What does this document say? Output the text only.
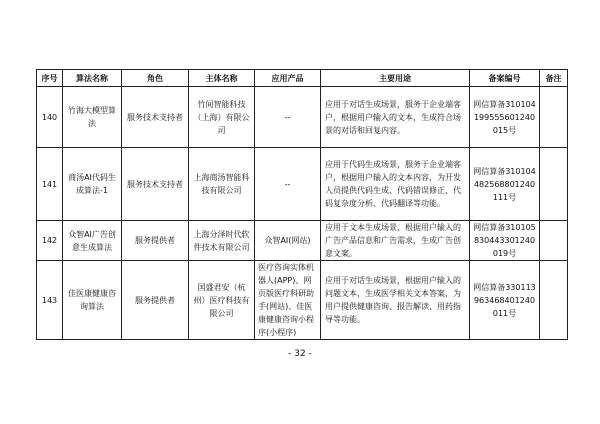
序号	算法名称	角色	主体名称	应用产品	主要用途	备案编号	备注
140	竹海大模型算法	服务技术支持者	竹间智能科技（上海）有限公司	--	应用于对话生成场景，服务于企业端客户，根据用户输入的文本，生成符合场景的对话和回复内容。	网信算备310104199555601240015号	
141	商汤AI代码生成算法-1	服务技术支持者	上海商汤智能科技有限公司	--	应用于代码生成场景，服务于企业端客户，根据用户输入的文本内容，为开发人员提供代码生成、代码错误修正、代码复杂度分析、代码翻译等功能。	网信算备310104482568801240111号	
142	众智AI广告创意生成算法	服务提供者	上海分泽时代软件技术有限公司	众智AI(网站)	应用于文本生成场景，根据用户输入的广告产品信息和广告需求，生成广告创意文案。	网信算备310105830443301240019号	
143	佳医康健康咨询算法	服务提供者	国盛君安（杭州）医疗科技有限公司	医疗咨询实体机器人(APP)、网页版医疗科研助手(网站)、佳医康健康咨询小程序(小程序)	应用于对话生成场景，根据用户输入的问题文本，生成医学相关文本答案，为用户提供健康咨询、报告解读、用药指导等功能。	网信算备330113963468401240011号	
- 32 -
